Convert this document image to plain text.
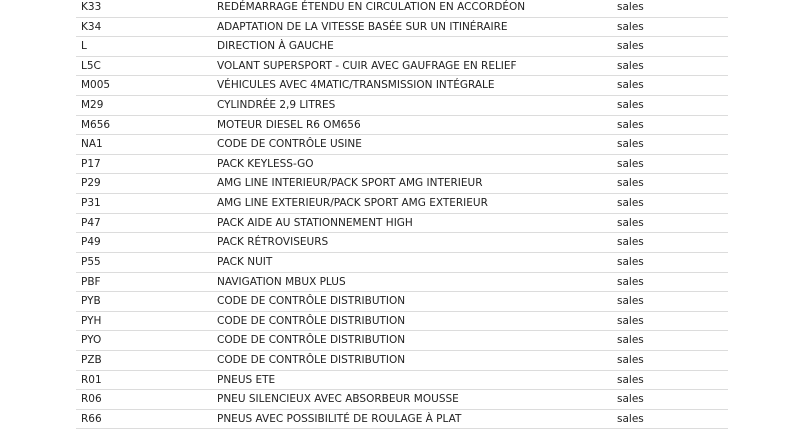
K33	REDÉMARRAGE ÉTENDU EN CIRCULATION EN ACCORDÉON	sales
K34	ADAPTATION DE LA VITESSE BASÉE SUR UN ITINÉRAIRE	sales
L	DIRECTION À GAUCHE	sales
L5C	VOLANT SUPERSPORT - CUIR AVEC GAUFRAGE EN RELIEF	sales
M005	VÉHICULES AVEC 4MATIC/TRANSMISSION INTÉGRALE	sales
M29	CYLINDRÉE 2,9 LITRES	sales
M656	MOTEUR DIESEL R6 OM656	sales
NA1	CODE DE CONTRÔLE USINE	sales
P17	PACK KEYLESS-GO	sales
P29	AMG LINE INTERIEUR/PACK SPORT AMG INTERIEUR	sales
P31	AMG LINE EXTERIEUR/PACK SPORT AMG EXTERIEUR	sales
P47	PACK AIDE AU STATIONNEMENT HIGH	sales
P49	PACK RÉTROVISEURS	sales
P55	PACK NUIT	sales
PBF	NAVIGATION MBUX PLUS	sales
PYB	CODE DE CONTRÔLE DISTRIBUTION	sales
PYH	CODE DE CONTRÔLE DISTRIBUTION	sales
PYO	CODE DE CONTRÔLE DISTRIBUTION	sales
PZB	CODE DE CONTRÔLE DISTRIBUTION	sales
R01	PNEUS ETE	sales
R06	PNEU SILENCIEUX AVEC ABSORBEUR MOUSSE	sales
R66	PNEUS AVEC POSSIBILITÉ DE ROULAGE À PLAT	sales
